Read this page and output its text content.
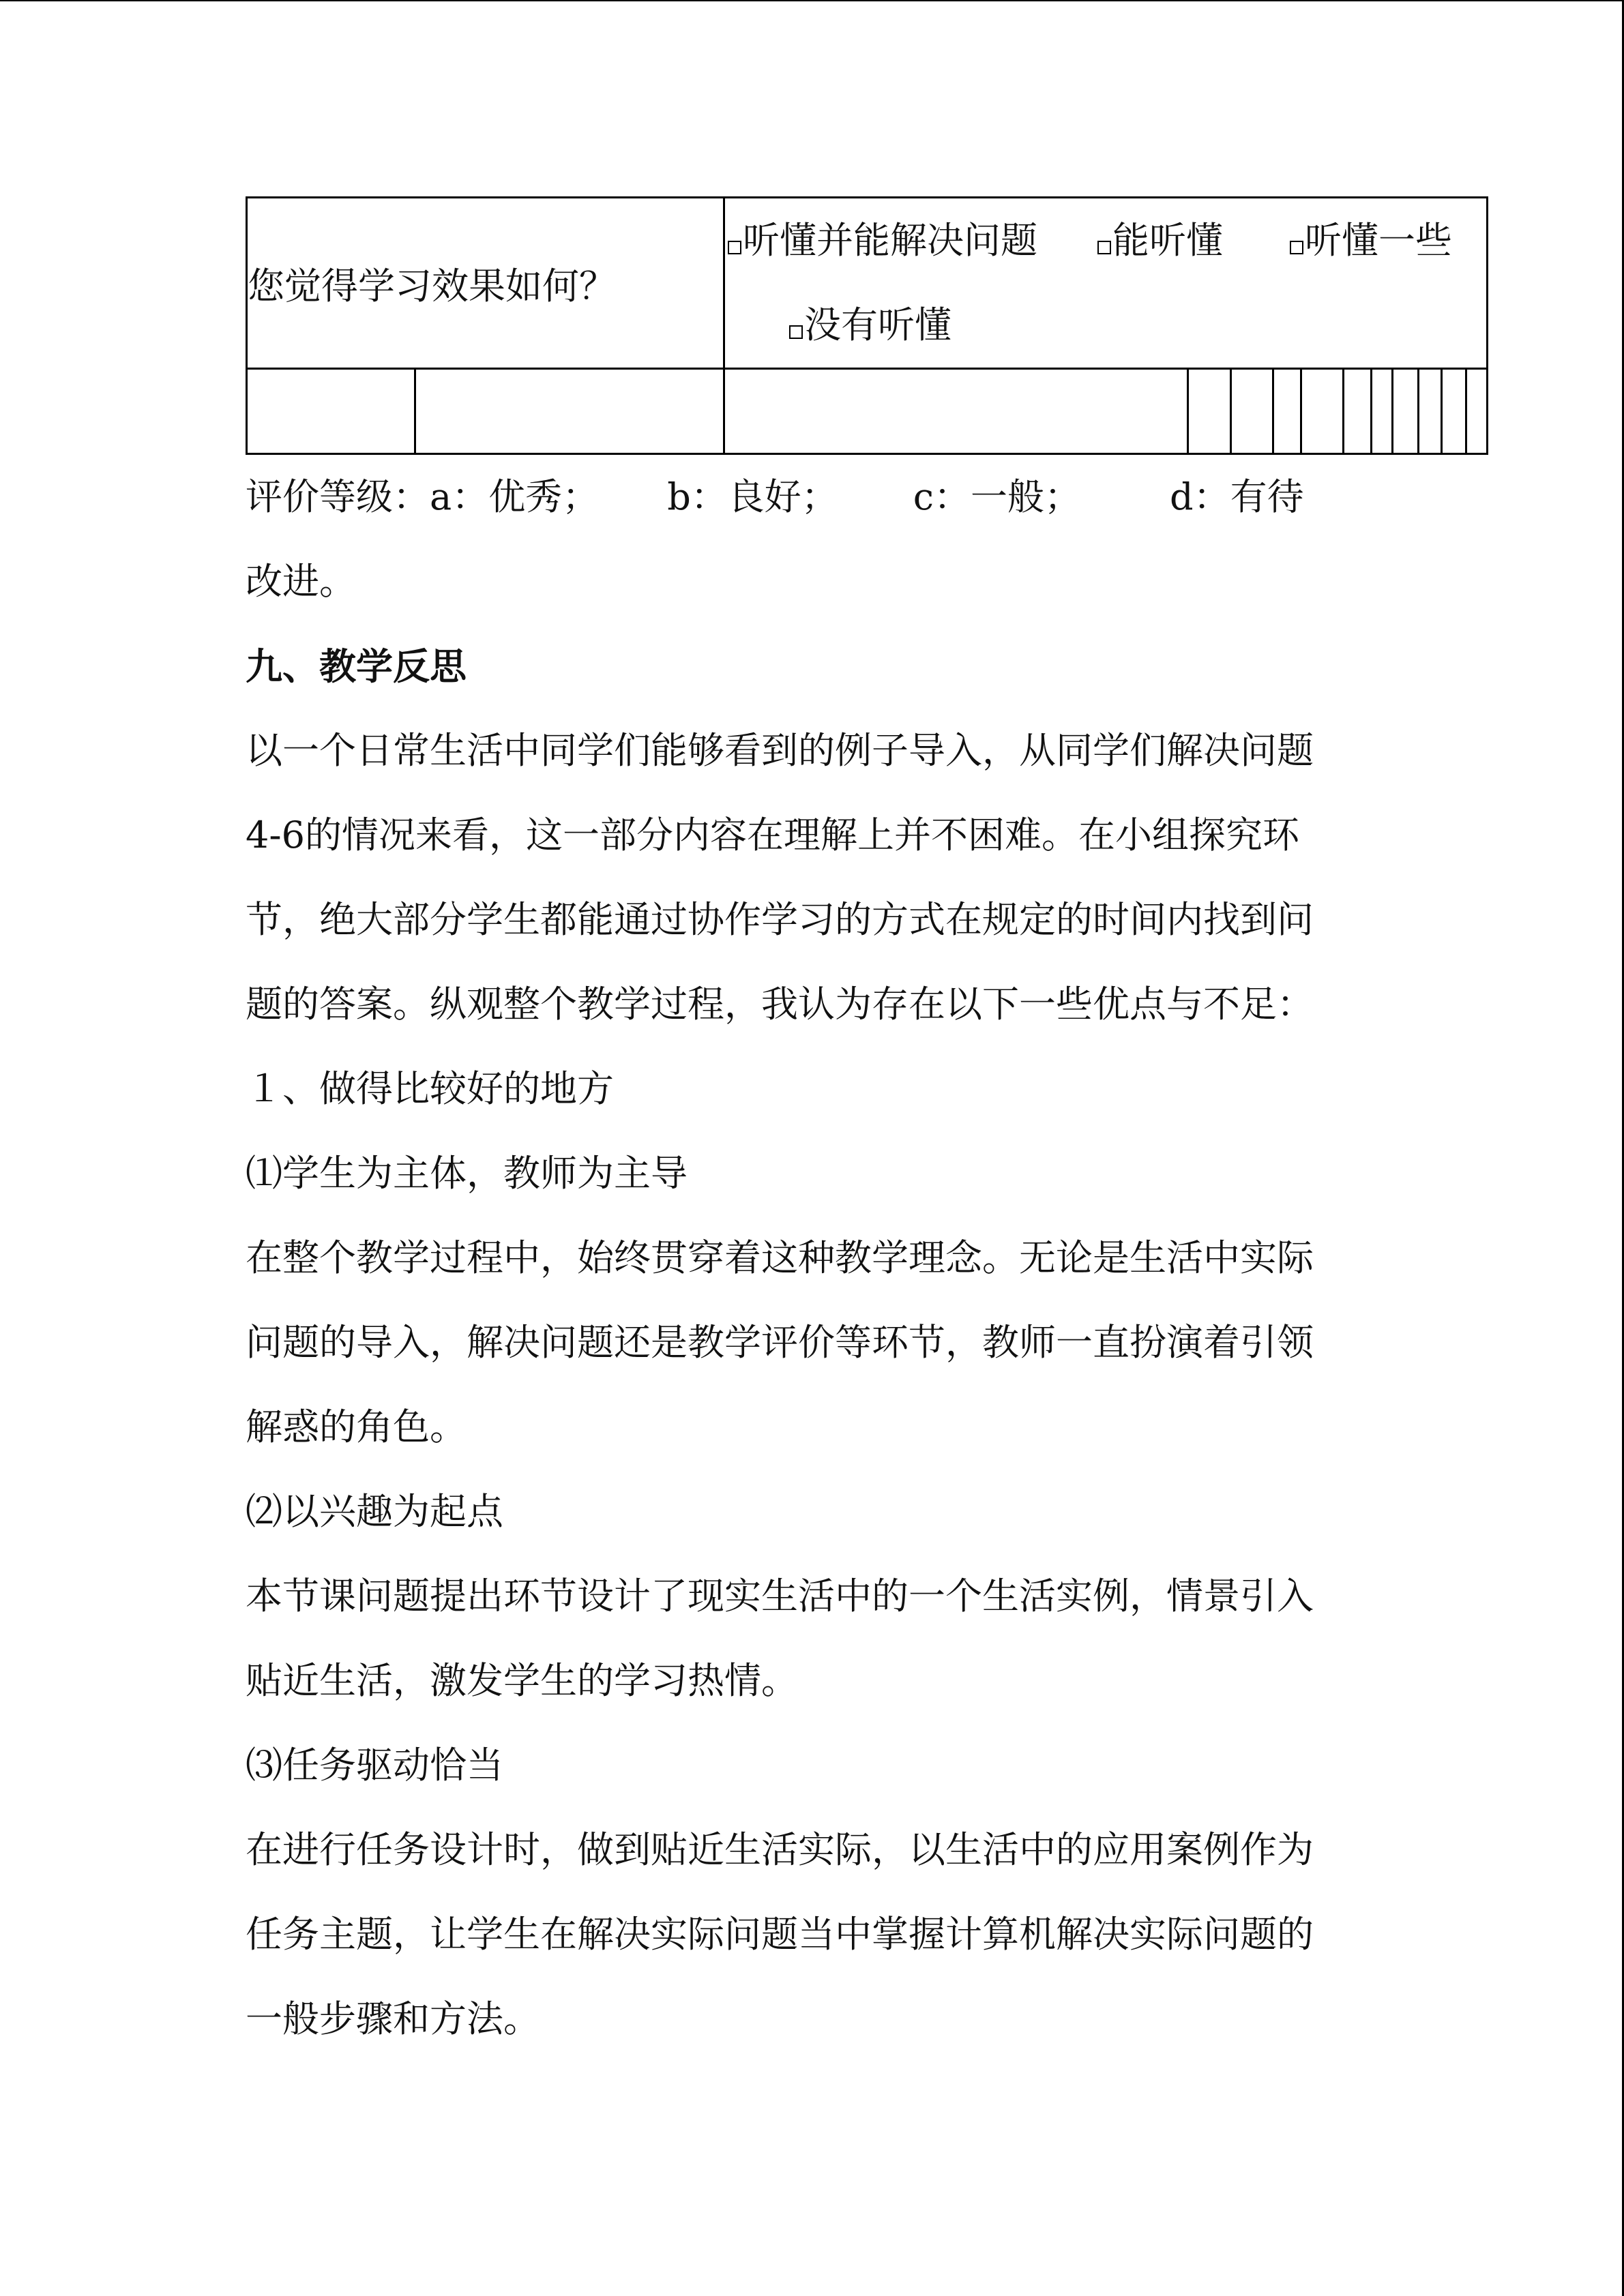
您觉得学习效果如何？		听懂并能解决问题 能听懂 听懂一些没有听懂										

评价等级：a：优秀； b：良好； c：一般； d：有待

改进。

九、教学反思

以一个日常生活中同学们能够看到的例子导入，从同学们解决问题

4-6的情况来看，这一部分内容在理解上并不困难。在小组探究环

节，绝大部分学生都能通过协作学习的方式在规定的时间内找到问

题的答案。纵观整个教学过程，我认为存在以下一些优点与不足：

１、做得比较好的地方

⑴学生为主体，教师为主导

在整个教学过程中，始终贯穿着这种教学理念。无论是生活中实际

问题的导入，解决问题还是教学评价等环节，教师一直扮演着引领

解惑的角色。

⑵以兴趣为起点

本节课问题提出环节设计了现实生活中的一个生活实例，情景引入

贴近生活，激发学生的学习热情。

⑶任务驱动恰当

在进行任务设计时，做到贴近生活实际，以生活中的应用案例作为

任务主题，让学生在解决实际问题当中掌握计算机解决实际问题的

一般步骤和方法。
